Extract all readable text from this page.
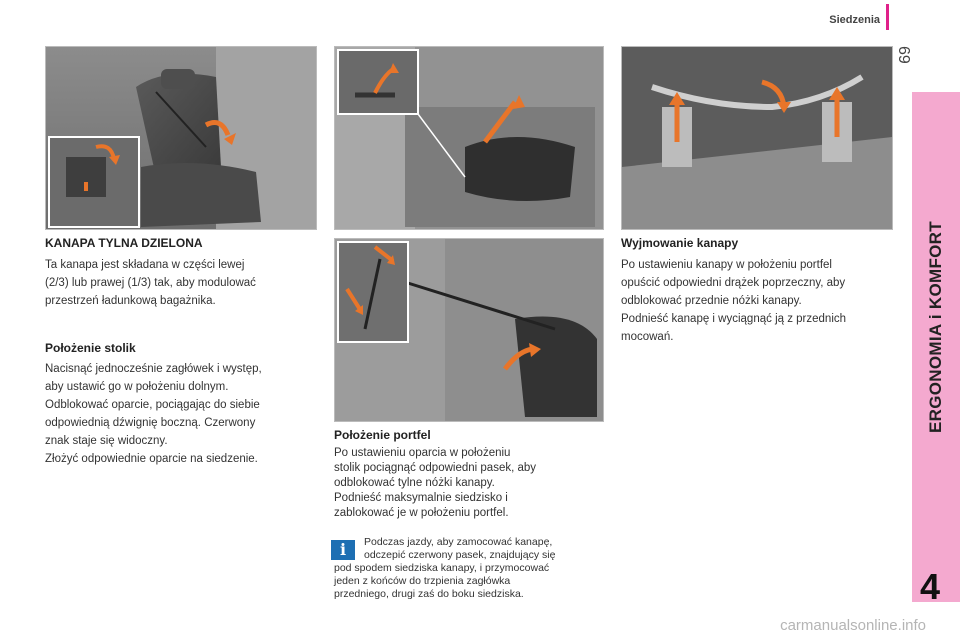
Siedzenia
69
ERGONOMIA i KOMFORT
4
KANAPA TYLNA DZIELONA

Ta kanapa jest składana w części lewej

(2/3) lub prawej (1/3) tak, aby modulować

przestrzeń ładunkową bagażnika.

Położenie stolik

Nacisnąć jednocześnie zagłówek i występ,

aby ustawić go w położeniu dolnym.

Odblokować oparcie, pociągając do siebie

odpowiednią dźwignię boczną. Czerwony

znak staje się widoczny.

Złożyć odpowiednie oparcie na siedzenie.

Położenie portfel

Po ustawieniu oparcia w położeniu

stolik pociągnąć odpowiedni pasek, aby

odblokować tylne nóżki kanapy.

Podnieść maksymalnie siedzisko i

zablokować je w położeniu portfel.

i	Podczas jazdy, aby zamocować kanapę,

odczepić czerwony pasek, znajdujący się

pod spodem siedziska kanapy, i przymocować

jeden z końców do trzpienia zagłówka

przedniego, drugi zaś do boku siedziska.

Wyjmowanie kanapy

Po ustawieniu kanapy w położeniu portfel

opuścić odpowiedni drążek poprzeczny, aby

odblokować przednie nóżki kanapy.

Podnieść kanapę i wyciągnąć ją z przednich

mocowań.

carmanualsonline.info
